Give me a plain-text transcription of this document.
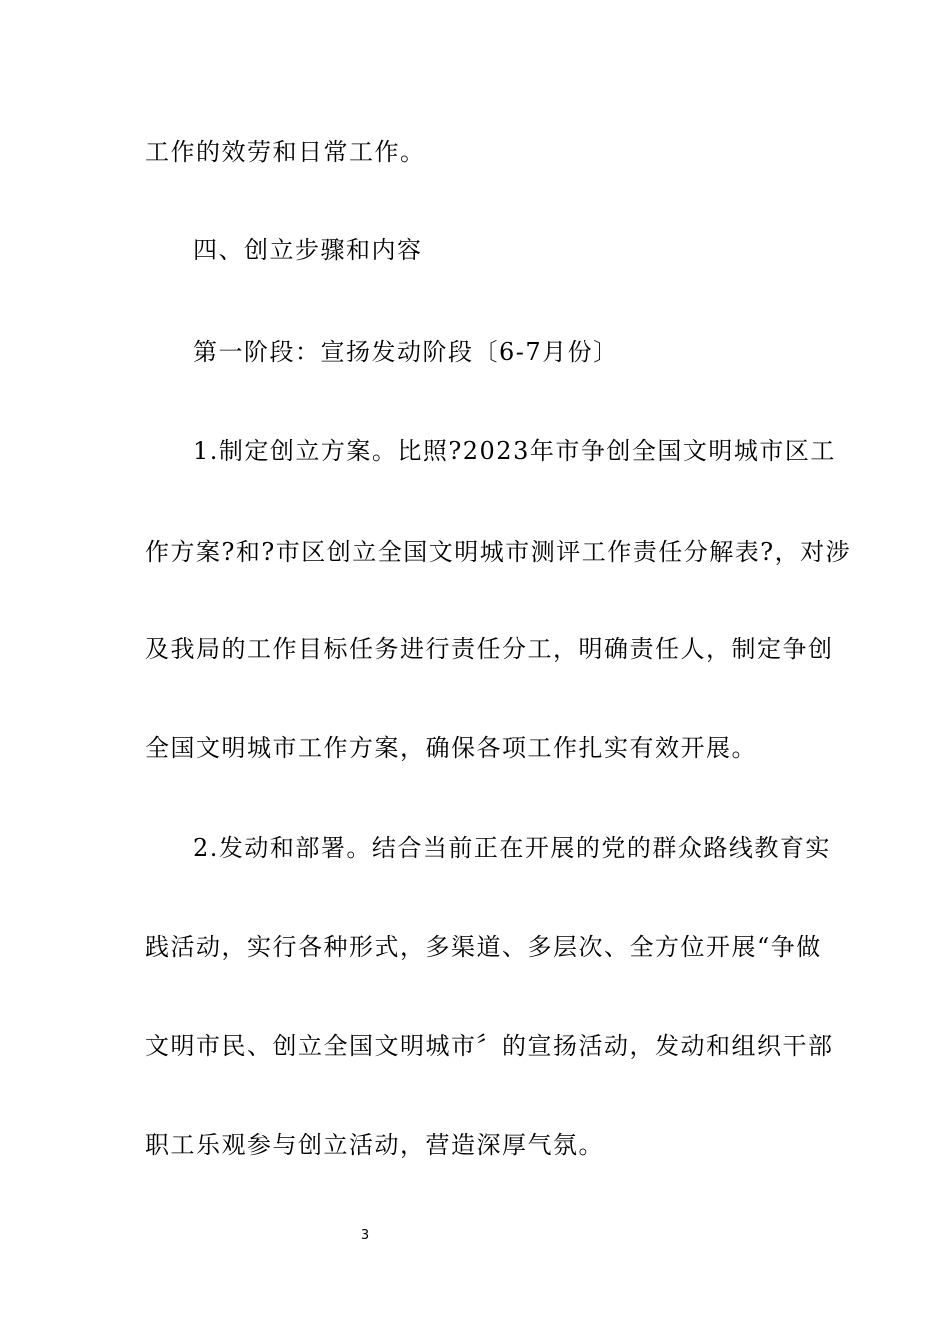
工作的效劳和日常工作。
四、创立步骤和内容
第一阶段：宣扬发动阶段〔6-7月份〕
1.制定创立方案。比照?2023年市争创全国文明城市区工
作方案?和?市区创立全国文明城市测评工作责任分解表?，对涉
及我局的工作目标任务进行责任分工，明确责任人，制定争创
全国文明城市工作方案，确保各项工作扎实有效开展。
2.发动和部署。结合当前正在开展的党的群众路线教育实
践活动，实行各种形式，多渠道、多层次、全方位开展“争做
文明市民、创立全国文明城市〞的宣扬活动，发动和组织干部
职工乐观参与创立活动，营造深厚气氛。
3
